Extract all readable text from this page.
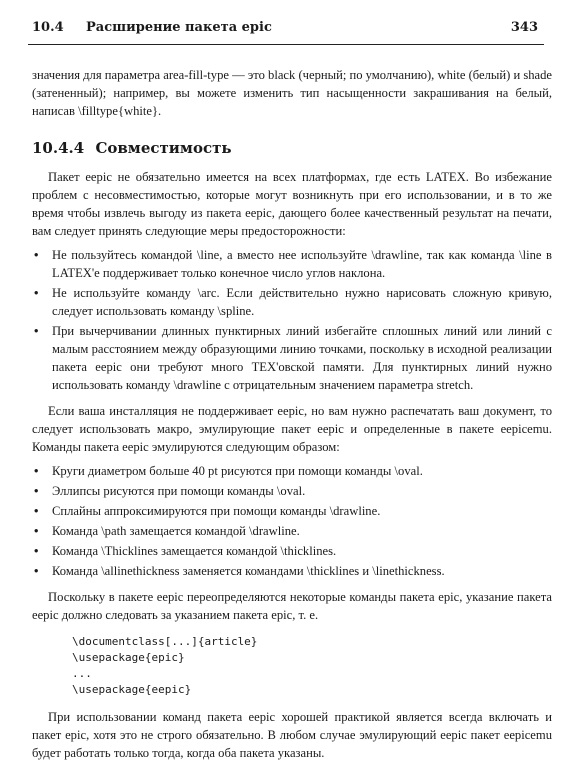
10.4 Расширение пакета epic	343

значения для параметра area-fill-type — это black (черный; по умолчанию), white (белый) и shade (затененный); например, вы можете изменить тип насыщенности закрашивания на белый, написав \filltype{white}.

10.4.4 Совместимость

Пакет eepic не обязательно имеется на всех платформах, где есть LATEX. Во избежание проблем с несовместимостью, которые могут возникнуть при его использовании, и в то же время чтобы извлечь выгоду из пакета eepic, дающего более качественный результат на печати, вам следует принять следующие меры предосторожности:

• Не пользуйтесь командой \line, а вместо нее используйте \drawline, так как команда \line в LATEX'е поддерживает только конечное число углов наклона.
• Не используйте команду \arc. Если действительно нужно нарисовать сложную кривую, следует использовать команду \spline.
• При вычерчивании длинных пунктирных линий избегайте сплошных линий или линий с малым расстоянием между образующими линию точками, поскольку в исходной реализации пакета eepic они требуют много TEX'овской памяти. Для пунктирных линий нужно использовать команду \drawline с отрицательным значением параметра stretch.

Если ваша инсталляция не поддерживает eepic, но вам нужно распечатать ваш документ, то следует использовать макро, эмулирующие пакет eepic и определенные в пакете eepicemu. Команды пакета eepic эмулируются следующим образом:

• Круги диаметром больше 40 pt рисуются при помощи команды \oval.
• Эллипсы рисуются при помощи команды \oval.
• Сплайны аппроксимируются при помощи команды \drawline.
• Команда \path замещается командой \drawline.
• Команда \Thicklines замещается командой \thicklines.
• Команда \allinethickness заменяется командами \thicklines и \linethickness.

Поскольку в пакете eepic переопределяются некоторые команды пакета epic, указание пакета eepic должно следовать за указанием пакета epic, т. е.

\documentclass[...]{article}
\usepackage{epic}
...
\usepackage{eepic}

При использовании команд пакета eepic хорошей практикой является всегда включать и пакет epic, хотя это не строго обязательно. В любом случае эмулирующий eepic пакет eepicemu будет работать только тогда, когда оба пакета указаны.
